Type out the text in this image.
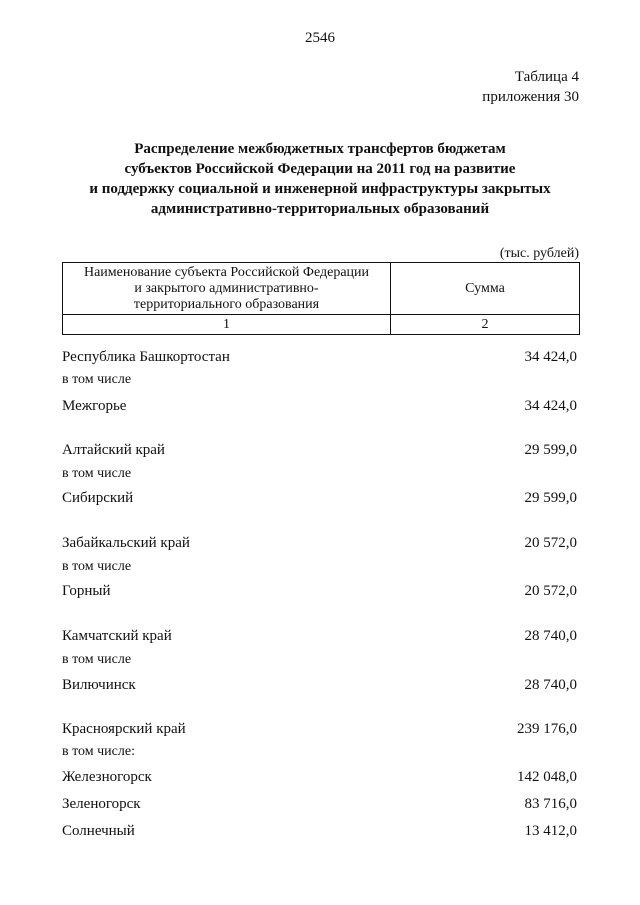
2546
Таблица 4
приложения 30
Распределение межбюджетных трансфертов бюджетам
субъектов Российской Федерации на 2011 год на развитие
и поддержку социальной и инженерной инфраструктуры закрытых
административно-территориальных образований
(тыс. рублей)
Наименование субъекта Российской Федерации
и закрытого административно-
территориального образования	Сумма
1	2
Республика Башкортостан	34 424,0
в том числе
Межгорье	34 424,0
Алтайский край	29 599,0
в том числе
Сибирский	29 599,0
Забайкальский край	20 572,0
в том числе
Горный	20 572,0
Камчатский край	28 740,0
в том числе
Вилючинск	28 740,0
Красноярский край	239 176,0
в том числе:
Железногорск	142 048,0
Зеленогорск	83 716,0
Солнечный	13 412,0
